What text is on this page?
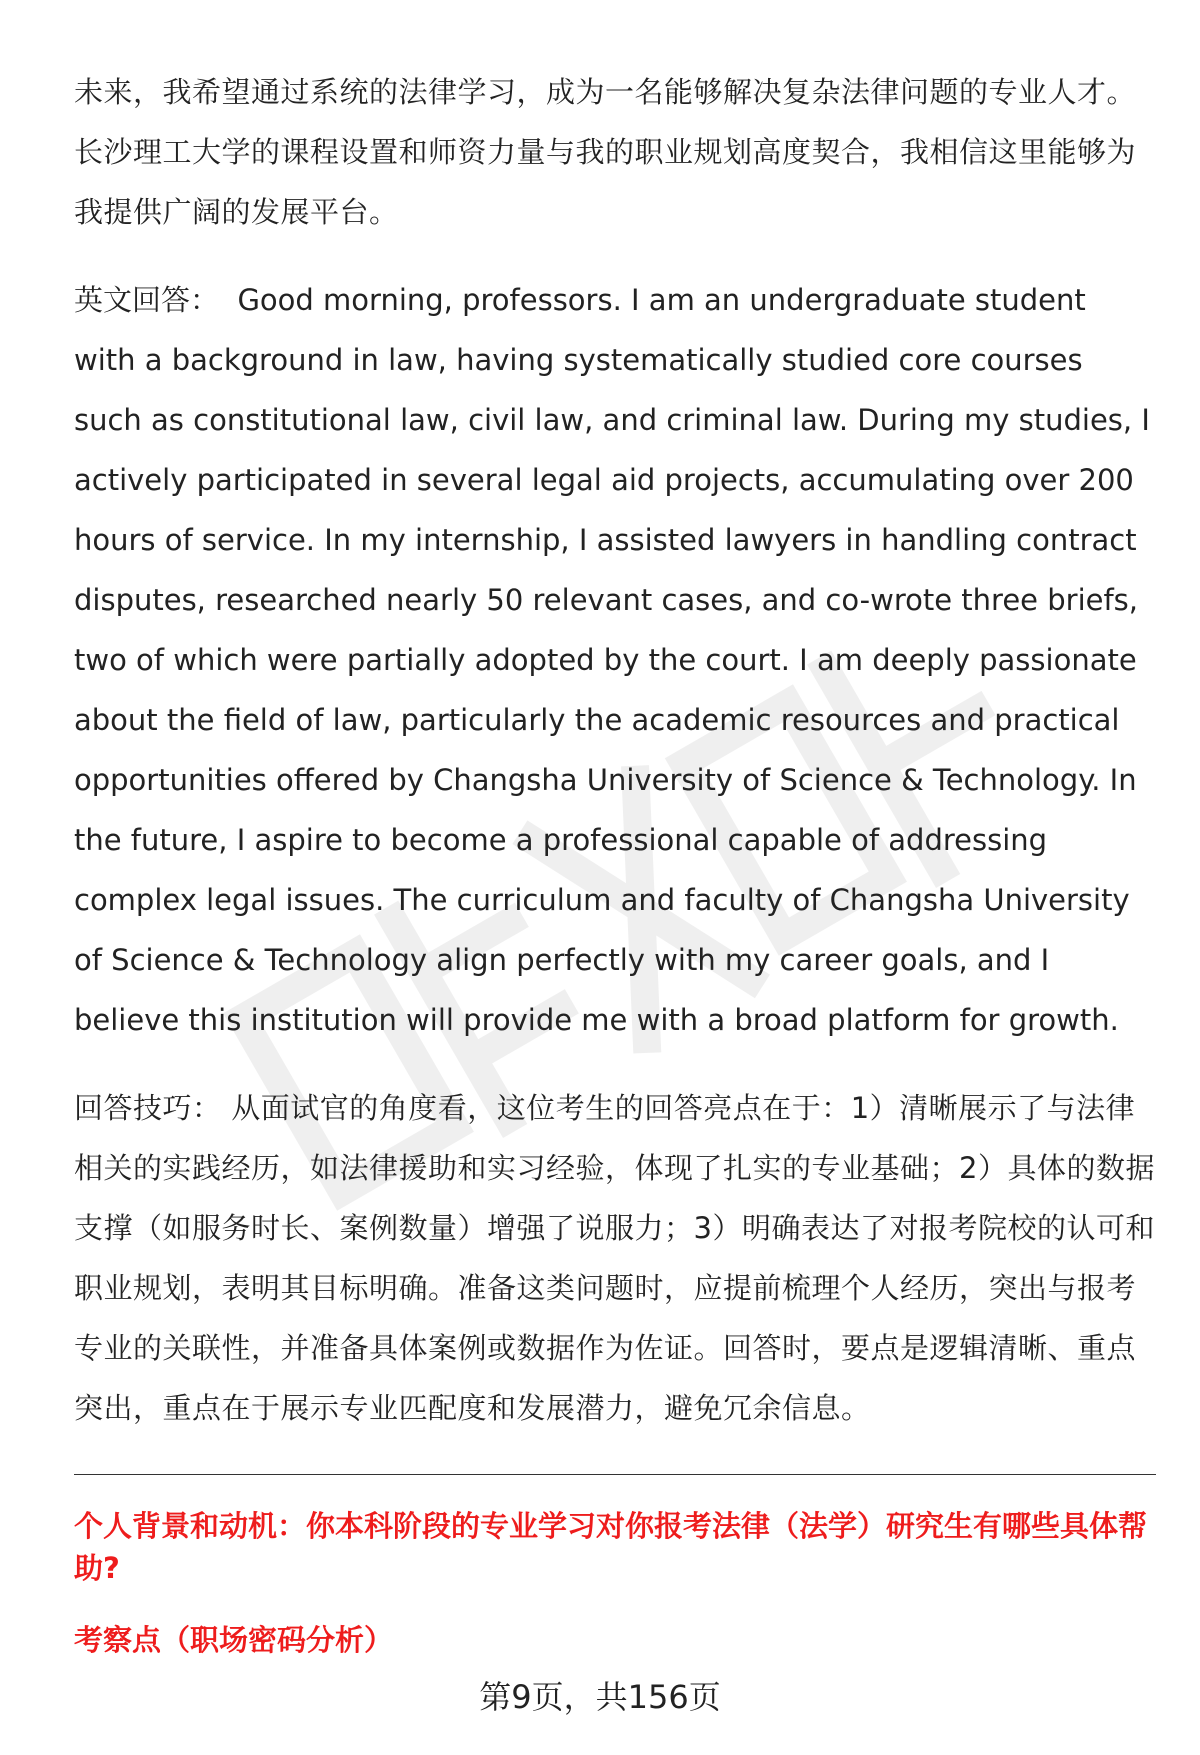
未来，我希望通过系统的法律学习，成为一名能够解决复杂法律问题的专业人才。长沙理工大学的课程设置和师资力量与我的职业规划高度契合，我相信这里能够为我提供广阔的发展平台。

英文回答： Good morning, professors. I am an undergraduate student with a background in law, having systematically studied core courses such as constitutional law, civil law, and criminal law. During my studies, I actively participated in several legal aid projects, accumulating over 200 hours of service. In my internship, I assisted lawyers in handling contract disputes, researched nearly 50 relevant cases, and co-wrote three briefs, two of which were partially adopted by the court. I am deeply passionate about the field of law, particularly the academic resources and practical opportunities offered by Changsha University of Science & Technology. In the future, I aspire to become a professional capable of addressing complex legal issues. The curriculum and faculty of Changsha University of Science & Technology align perfectly with my career goals, and I believe this institution will provide me with a broad platform for growth.

回答技巧： 从面试官的角度看，这位考生的回答亮点在于：1）清晰展示了与法律相关的实践经历，如法律援助和实习经验，体现了扎实的专业基础；2）具体的数据支撑（如服务时长、案例数量）增强了说服力；3）明确表达了对报考院校的认可和职业规划，表明其目标明确。准备这类问题时，应提前梳理个人经历，突出与报考专业的关联性，并准备具体案例或数据作为佐证。回答时，要点是逻辑清晰、重点突出，重点在于展示专业匹配度和发展潜力，避免冗余信息。

个人背景和动机：你本科阶段的专业学习对你报考法律（法学）研究生有哪些具体帮助?

考察点（职场密码分析）

第9页，共156页
